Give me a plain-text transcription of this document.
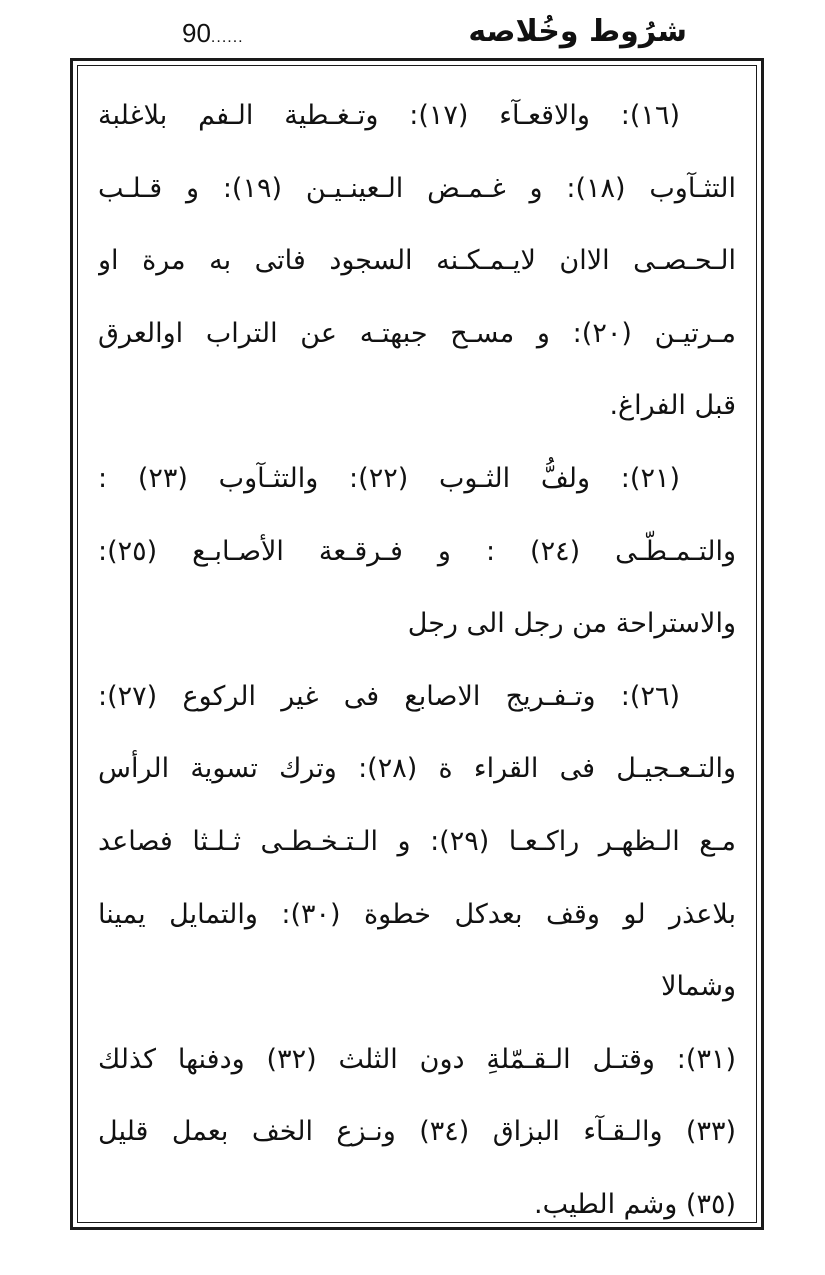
90......	شرُوط وخُلاصه
(١٦): والاقعـآء (١٧): وتـغـطية الـفم بلاغلبة
التثـآوب (١٨): و غـمـض الـعينـيـن (١٩): و قـلـب
الـحـصـى الاان لايـمـكـنه السجود فاتى به مرة او
مـرتيـن (٢٠): و مسـح جبهتـه عن التراب اوالعرق
قبل الفراغ.
(٢١): ولفُّ الثـوب (٢٢): والتثـآوب (٢٣) :
والتـمـطّـى (٢٤) : و فـرقـعة الأصـابـع (٢٥):
والاستراحة من رجل الى رجل
(٢٦): وتـفـريج الاصابع فى غير الركوع (٢٧):
والتـعـجيـل فى القراء ة (٢٨): وترك تسوية الرأس
مـع الـظهـر راكـعـا (٢٩): و الـتـخـطـى ثـلـثا فصاعد
بلاعذر لو وقف بعدكل خطوة (٣٠): والتمايل يمينا
وشمالا
(٣١): وقتـل الـقـمّلةِ دون الثلث (٣٢) ودفنها كذلك
(٣٣) والـقـآء البزاق (٣٤) ونـزع الخف بعمل قليل
(٣٥) وشم الطيب.
